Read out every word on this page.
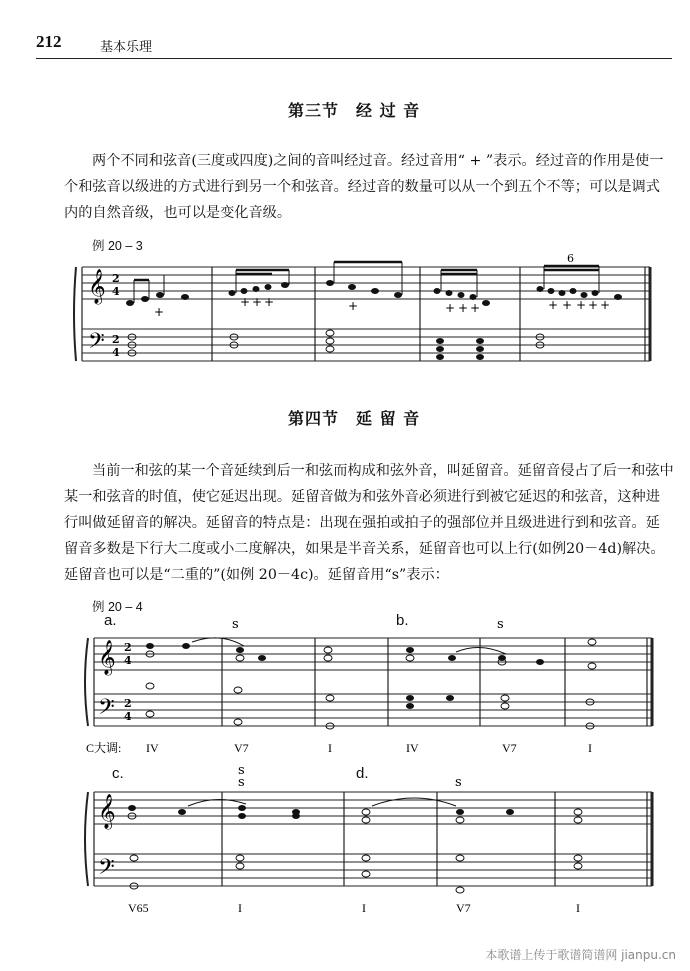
212	基本乐理
第三节　经 过 音

两个不同和弦音(三度或四度)之间的音叫经过音。经过音用“ + ”表示。经过音的作用是使一个和弦音以级进的方式进行到另一个和弦音。经过音的数量可以从一个到五个不等；可以是调式内的自然音级，也可以是变化音级。

例 20 – 3
𝄞
𝄢
2
4
2
4
+
+ + +	+	+ + +	+ + + + +
6
第四节　延 留 音

当前一和弦的某一个音延续到后一和弦而构成和弦外音，叫延留音。延留音侵占了后一和弦中某一和弦音的时值，使它延迟出现。延留音做为和弦外音必须进行到被它延迟的和弦音，这种进行叫做延留音的解决。延留音的特点是：出现在强拍或拍子的强部位并且级进进行到和弦音。延留音多数是下行大二度或小二度解决，如果是半音关系，延留音也可以上行(如例20－4d)解决。延留音也可以是“二重的”(如例 20－4c)。延留音用“s”表示：

例 20 – 4
a.	b.
c.	d.
𝄞
𝄢
2
4
2
4
s	s
C大调: IV	V7	I	IV	V7	I
𝄞
𝄢
s
s	s
V65	I	I	V7	I
本歌谱上传于歌谱简谱网 jianpu.cn
